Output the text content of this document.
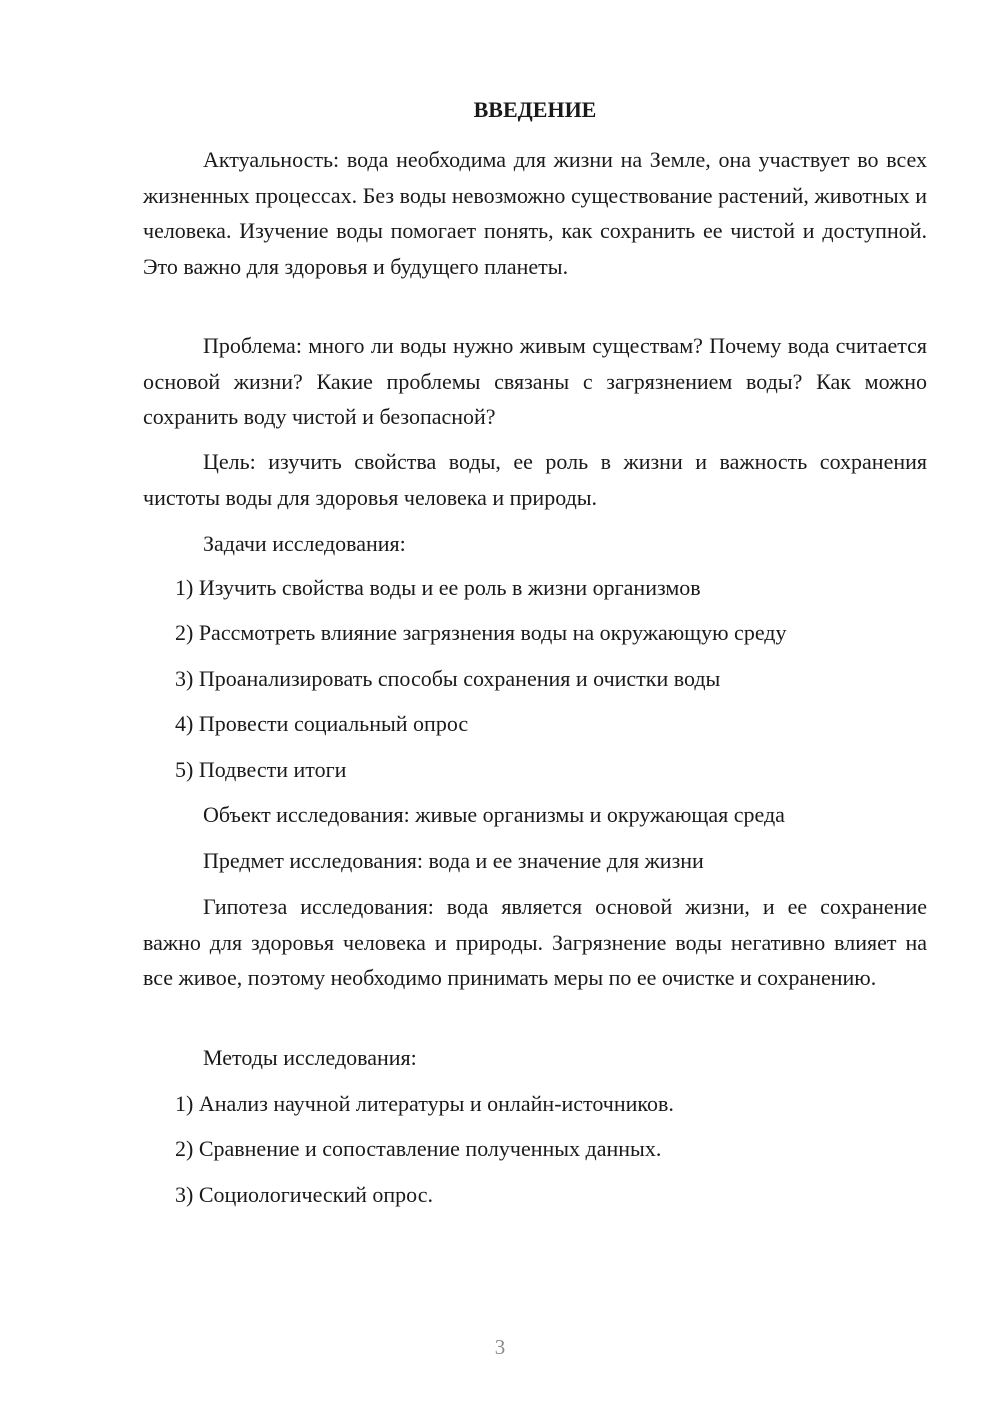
ВВЕДЕНИЕ

Актуальность: вода необходима для жизни на Земле, она участвует во всех жизненных процессах. Без воды невозможно существование растений, животных и человека. Изучение воды помогает понять, как сохранить ее чистой и доступной. Это важно для здоровья и будущего планеты.

Проблема: много ли воды нужно живым существам? Почему вода считается основой жизни? Какие проблемы связаны с загрязнением воды? Как можно сохранить воду чистой и безопасной?

Цель: изучить свойства воды, ее роль в жизни и важность сохранения чистоты воды для здоровья человека и природы.

Задачи исследования:
1) Изучить свойства воды и ее роль в жизни организмов
2) Рассмотреть влияние загрязнения воды на окружающую среду
3) Проанализировать способы сохранения и очистки воды
4) Провести социальный опрос
5) Подвести итоги
Объект исследования: живые организмы и окружающая среда
Предмет исследования: вода и ее значение для жизни

Гипотеза исследования: вода является основой жизни, и ее сохранение важно для здоровья человека и природы. Загрязнение воды негативно влияет на все живое, поэтому необходимо принимать меры по ее очистке и сохранению.

Методы исследования:
1) Анализ научной литературы и онлайн-источников.
2) Сравнение и сопоставление полученных данных.
3) Социологический опрос.
3
